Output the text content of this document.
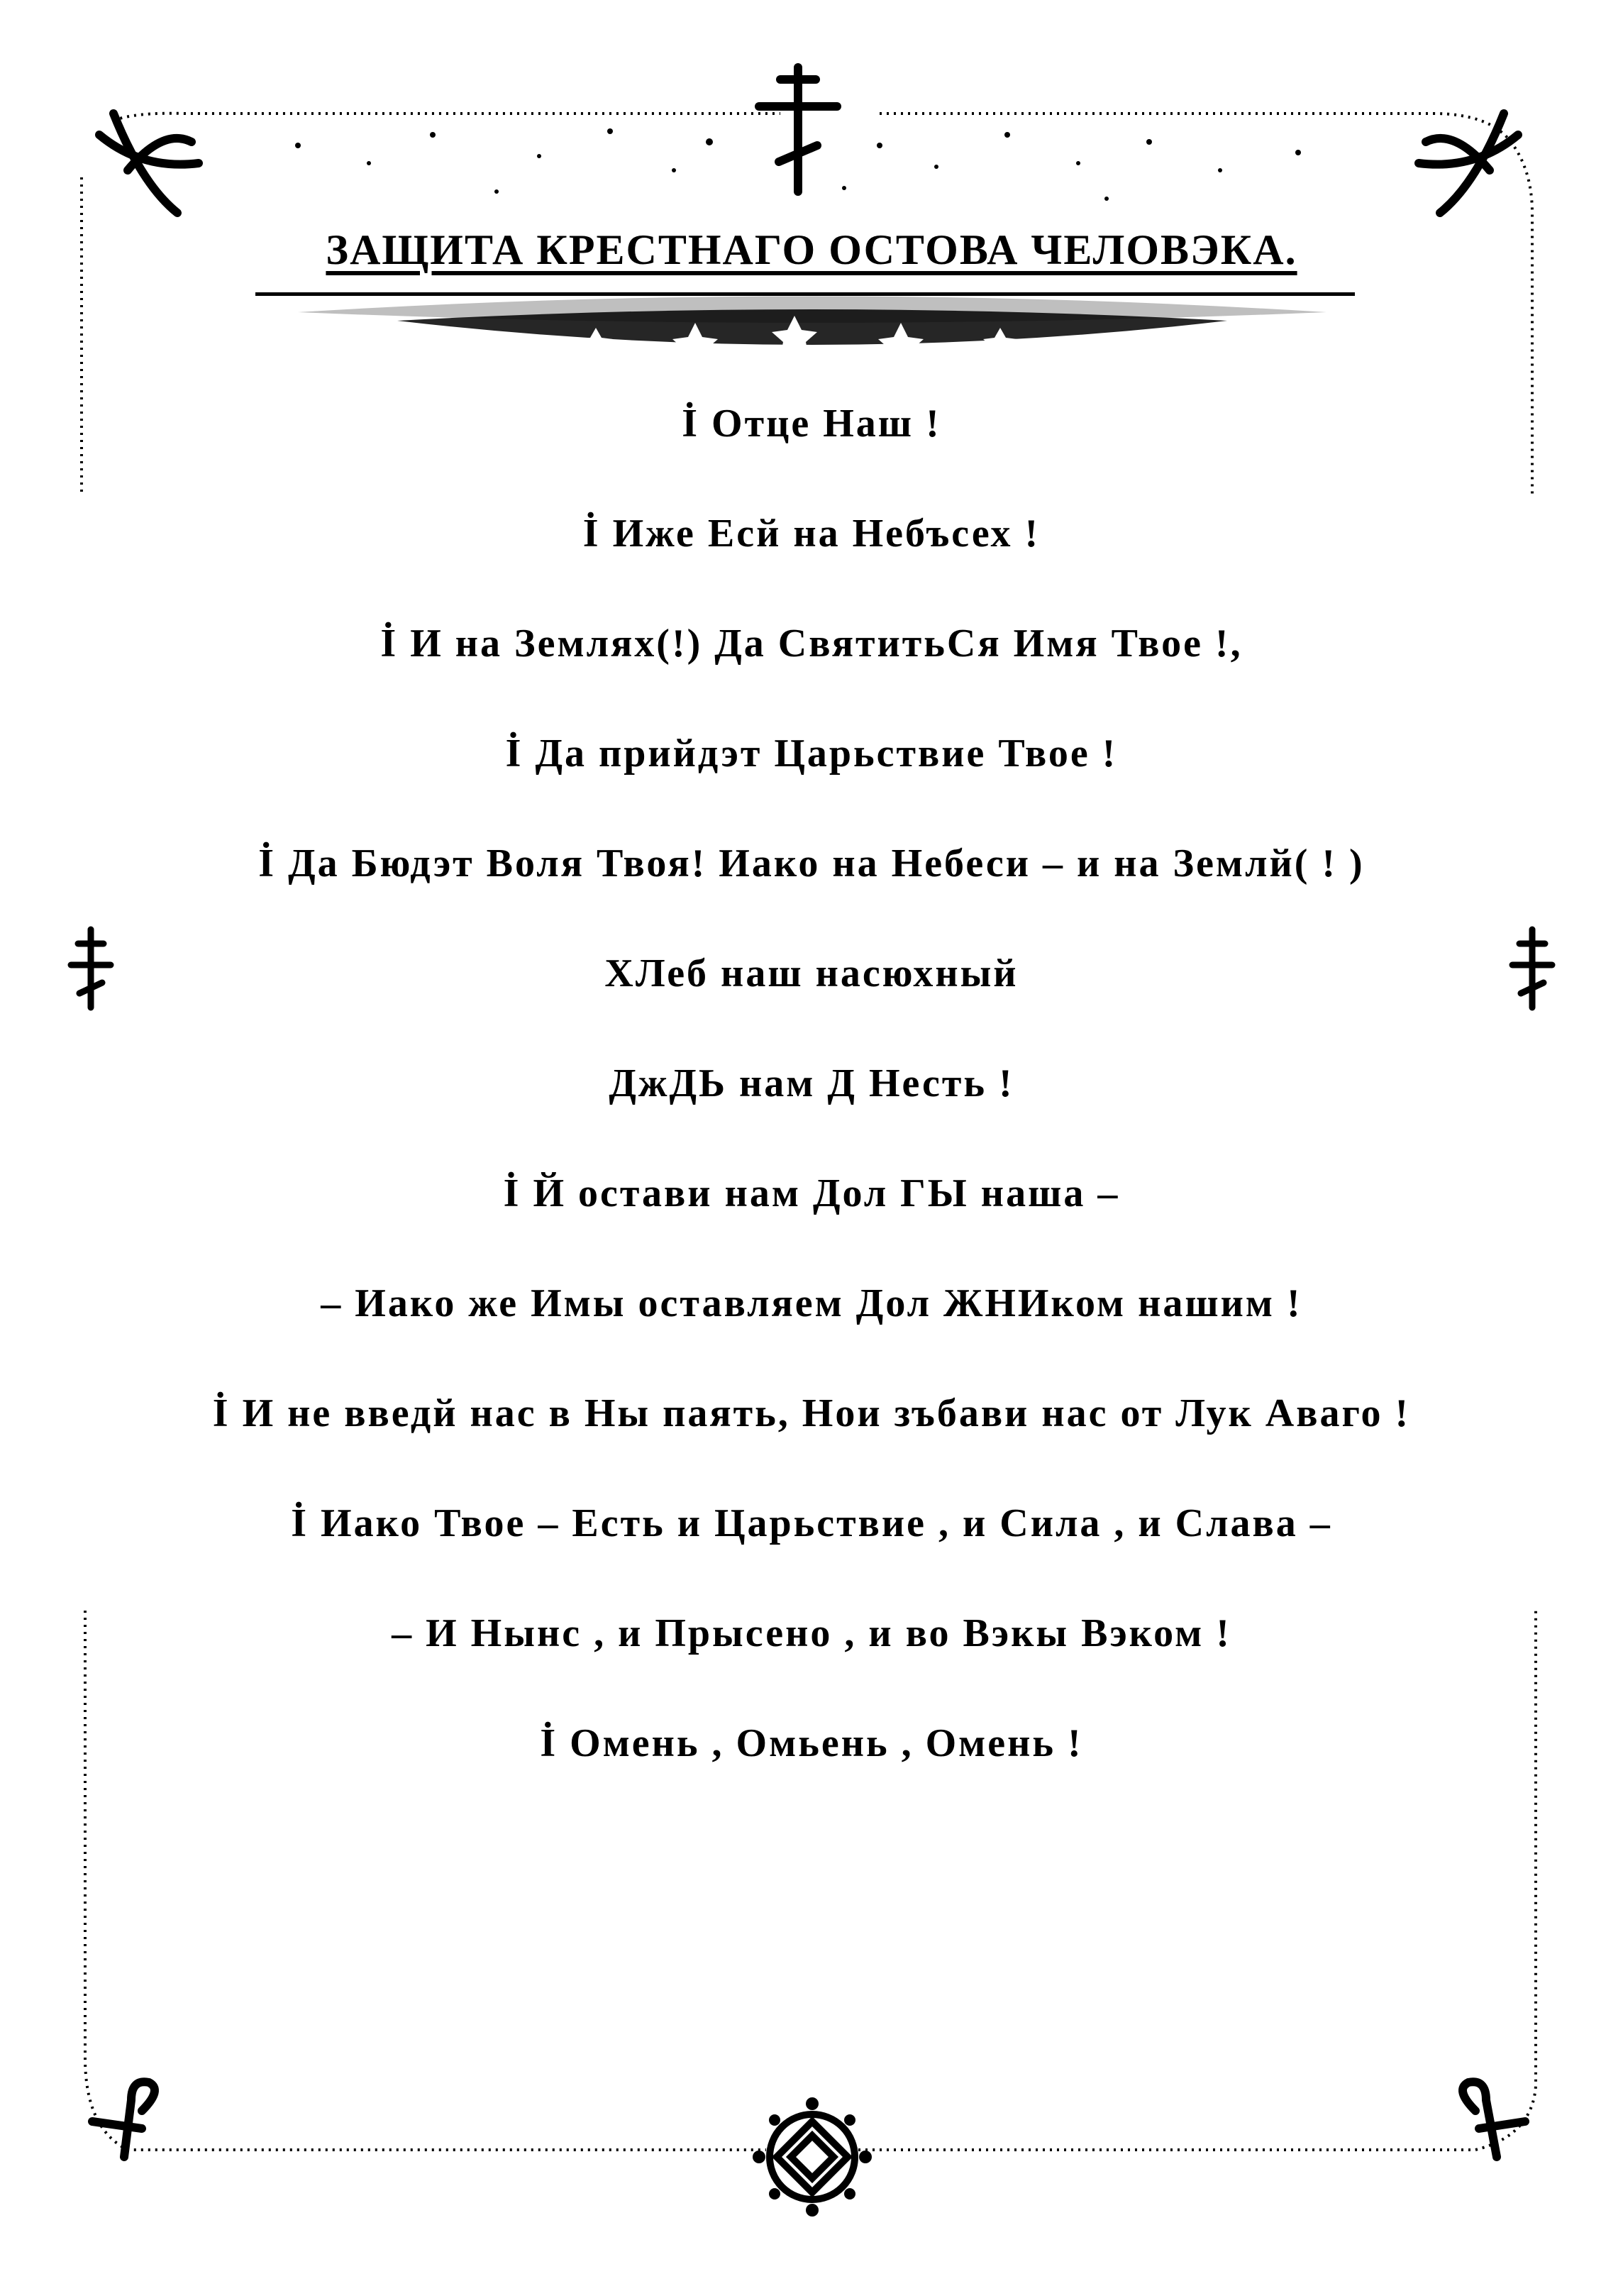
ЗАЩИТА КРЕСТНАГО ОСТОВА ЧЕЛОВЭКА.
İ Отце Наш !
İ Иже Есй на Небъсех !
İ И на Землях(!) Да СвятитьСя Имя Твое !,
İ Да прийдэт Царьствие Твое !
İ Да Бюдэт Воля Твоя! Иако на Небеси – и на Землй( ! )
ХЛеб наш насюхный
ДжДЬ нам Д Несть !
İ Й остави нам Дол ГЫ наша –
– Иако же Имы оставляем Дол ЖНИком нашим !
İ И не введй нас в Ны паять, Нои зъбави нас от Лук Аваго !
İ Иако Твое – Есть и Царьствие , и Сила , и Слава –
– И Нынс , и Прысено , и во Вэкы Вэком !
İ Омень , Омьень , Омень !
